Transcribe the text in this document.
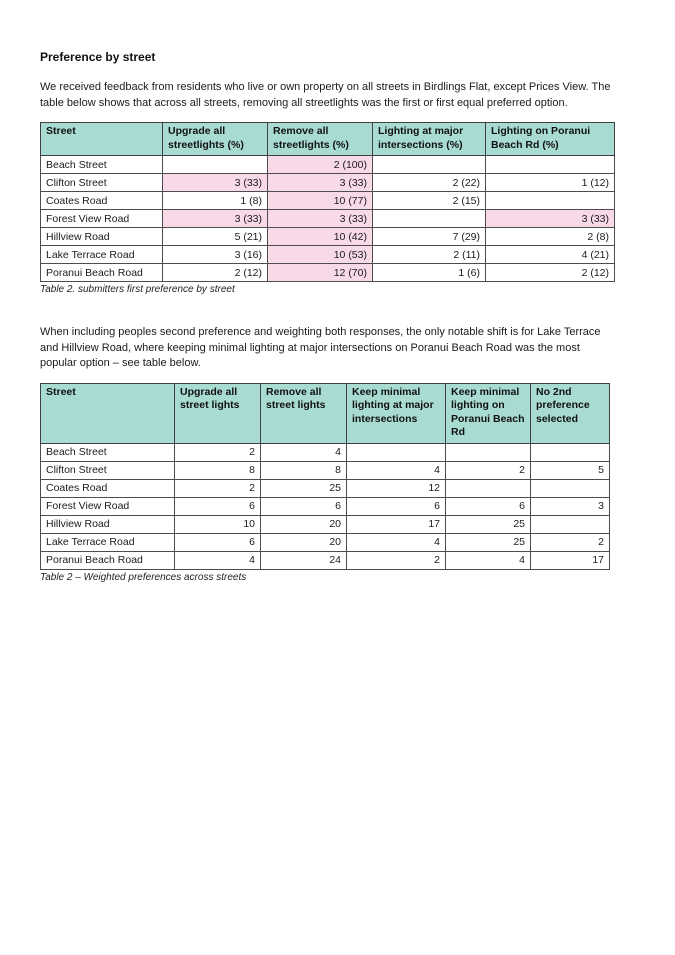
Preference by street

We received feedback from residents who live or own property on all streets in Birdlings Flat, except Prices View. The table below shows that across all streets, removing all streetlights was the first or first equal preferred option.

Street	Upgrade all streetlights (%)	Remove all streetlights (%)	Lighting at major intersections (%)	Lighting on Poranui Beach Rd (%)
Beach Street		2 (100)		
Clifton Street	3 (33)	3 (33)	2 (22)	1 (12)
Coates Road	1 (8)	10 (77)	2 (15)	
Forest View Road	3 (33)	3 (33)		3 (33)
Hillview Road	5 (21)	10 (42)	7 (29)	2 (8)
Lake Terrace Road	3 (16)	10 (53)	2 (11)	4 (21)
Poranui Beach Road	2 (12)	12 (70)	1 (6)	2 (12)

Table 2. submitters first preference by street

When including peoples second preference and weighting both responses, the only notable shift is for Lake Terrace and Hillview Road, where keeping minimal lighting at major intersections on Poranui Beach Road was the most popular option – see table below.

Street	Upgrade all street lights	Remove all street lights	Keep minimal lighting at major intersections	Keep minimal lighting on Poranui Beach Rd	No 2nd preference selected
Beach Street	2	4			
Clifton Street	8	8	4	2	5
Coates Road	2	25	12		
Forest View Road	6	6	6	6	3
Hillview Road	10	20	17	25	
Lake Terrace Road	6	20	4	25	2
Poranui Beach Road	4	24	2	4	17

Table 2 – Weighted preferences across streets
